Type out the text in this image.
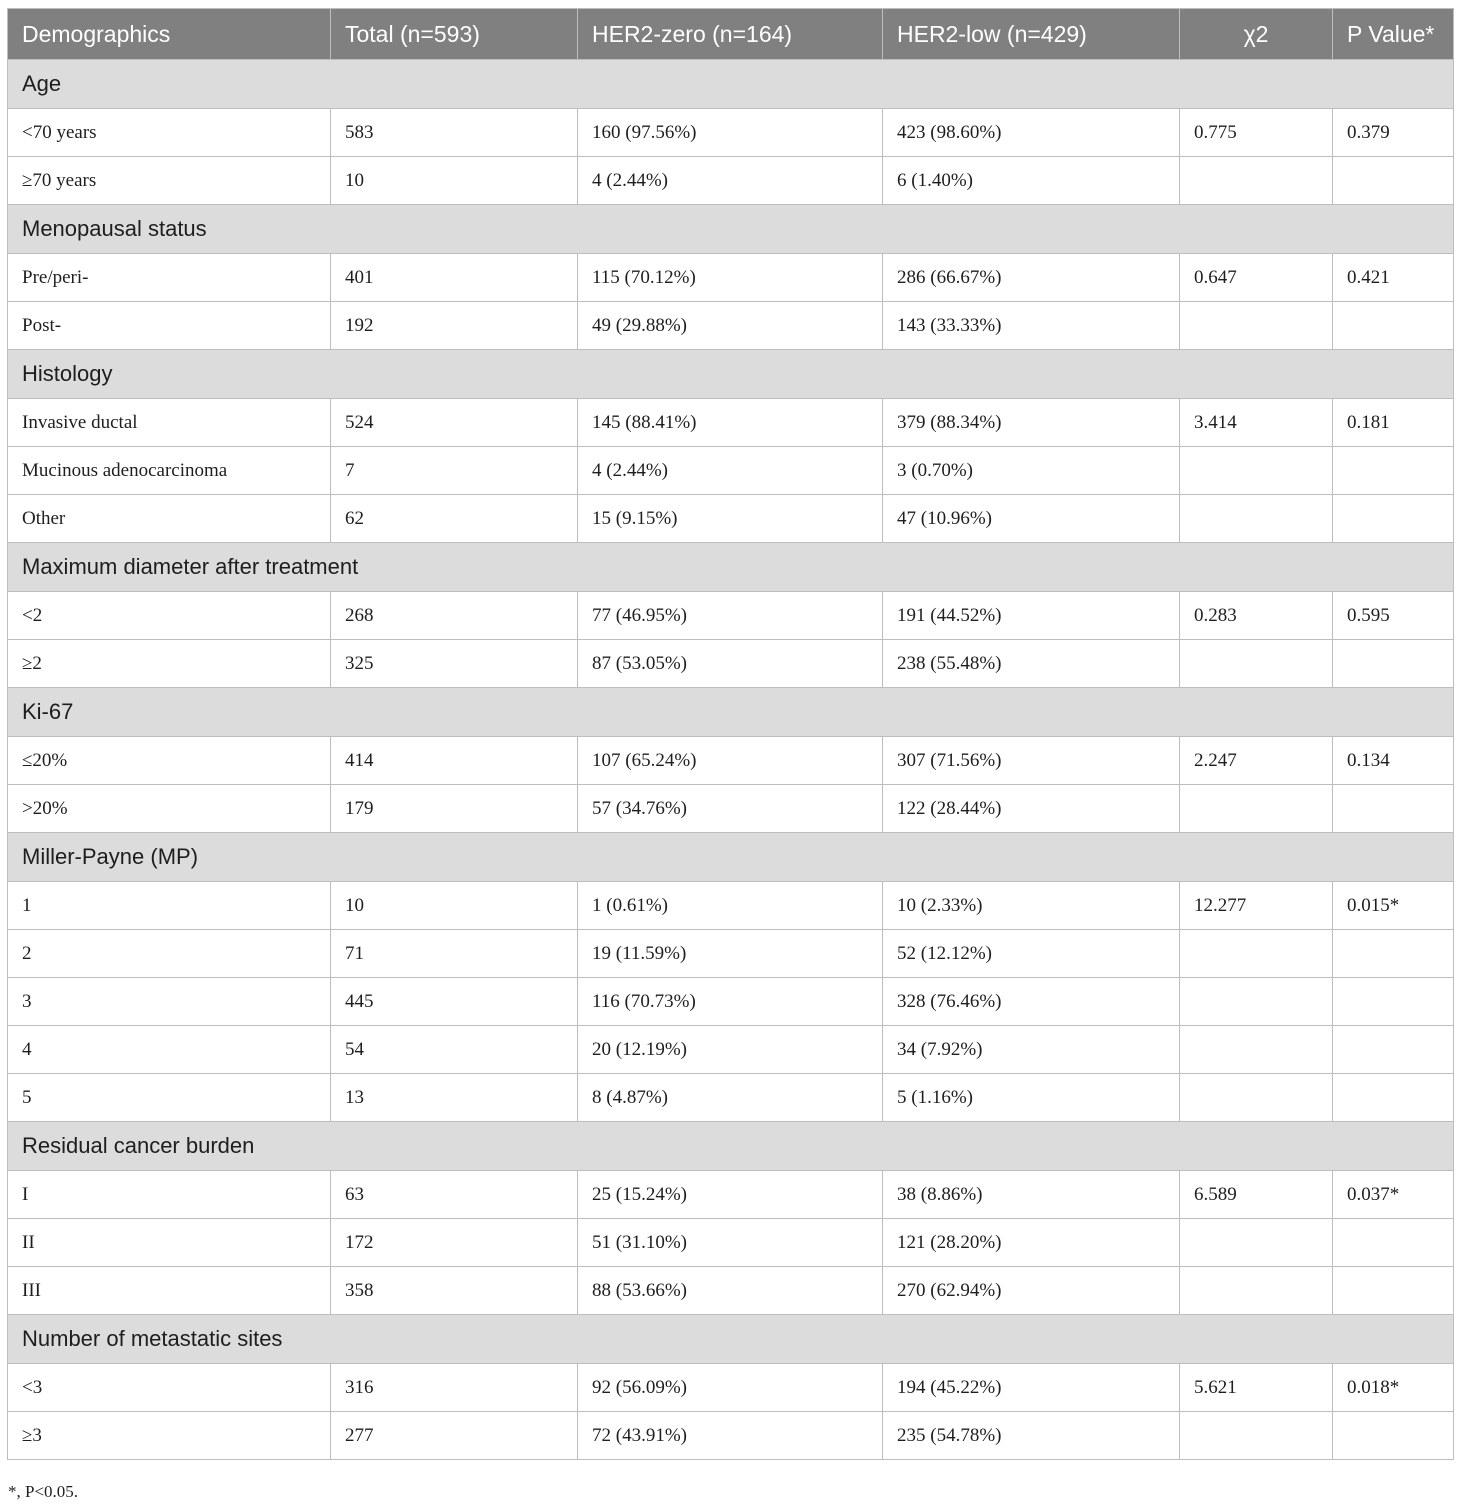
Demographics	Total (n=593)	HER2-zero (n=164)	HER2-low (n=429)	χ2	P Value*
Age					
<70 years	583	160 (97.56%)	423 (98.60%)	0.775	0.379
≥70 years	10	4 (2.44%)	6 (1.40%)		
Menopausal status					
Pre/peri-	401	115 (70.12%)	286 (66.67%)	0.647	0.421
Post-	192	49 (29.88%)	143 (33.33%)		
Histology					
Invasive ductal	524	145 (88.41%)	379 (88.34%)	3.414	0.181
Mucinous adenocarcinoma	7	4 (2.44%)	3 (0.70%)		
Other	62	15 (9.15%)	47 (10.96%)		
Maximum diameter after treatment					
<2	268	77 (46.95%)	191 (44.52%)	0.283	0.595
≥2	325	87 (53.05%)	238 (55.48%)		
Ki-67					
≤20%	414	107 (65.24%)	307 (71.56%)	2.247	0.134
>20%	179	57 (34.76%)	122 (28.44%)		
Miller-Payne (MP)					
1	10	1 (0.61%)	10 (2.33%)	12.277	0.015*
2	71	19 (11.59%)	52 (12.12%)		
3	445	116 (70.73%)	328 (76.46%)		
4	54	20 (12.19%)	34 (7.92%)		
5	13	8 (4.87%)	5 (1.16%)		
Residual cancer burden					
I	63	25 (15.24%)	38 (8.86%)	6.589	0.037*
II	172	51 (31.10%)	121 (28.20%)		
III	358	88 (53.66%)	270 (62.94%)		
Number of metastatic sites					
<3	316	92 (56.09%)	194 (45.22%)	5.621	0.018*
≥3	277	72 (43.91%)	235 (54.78%)		

*, P<0.05.
